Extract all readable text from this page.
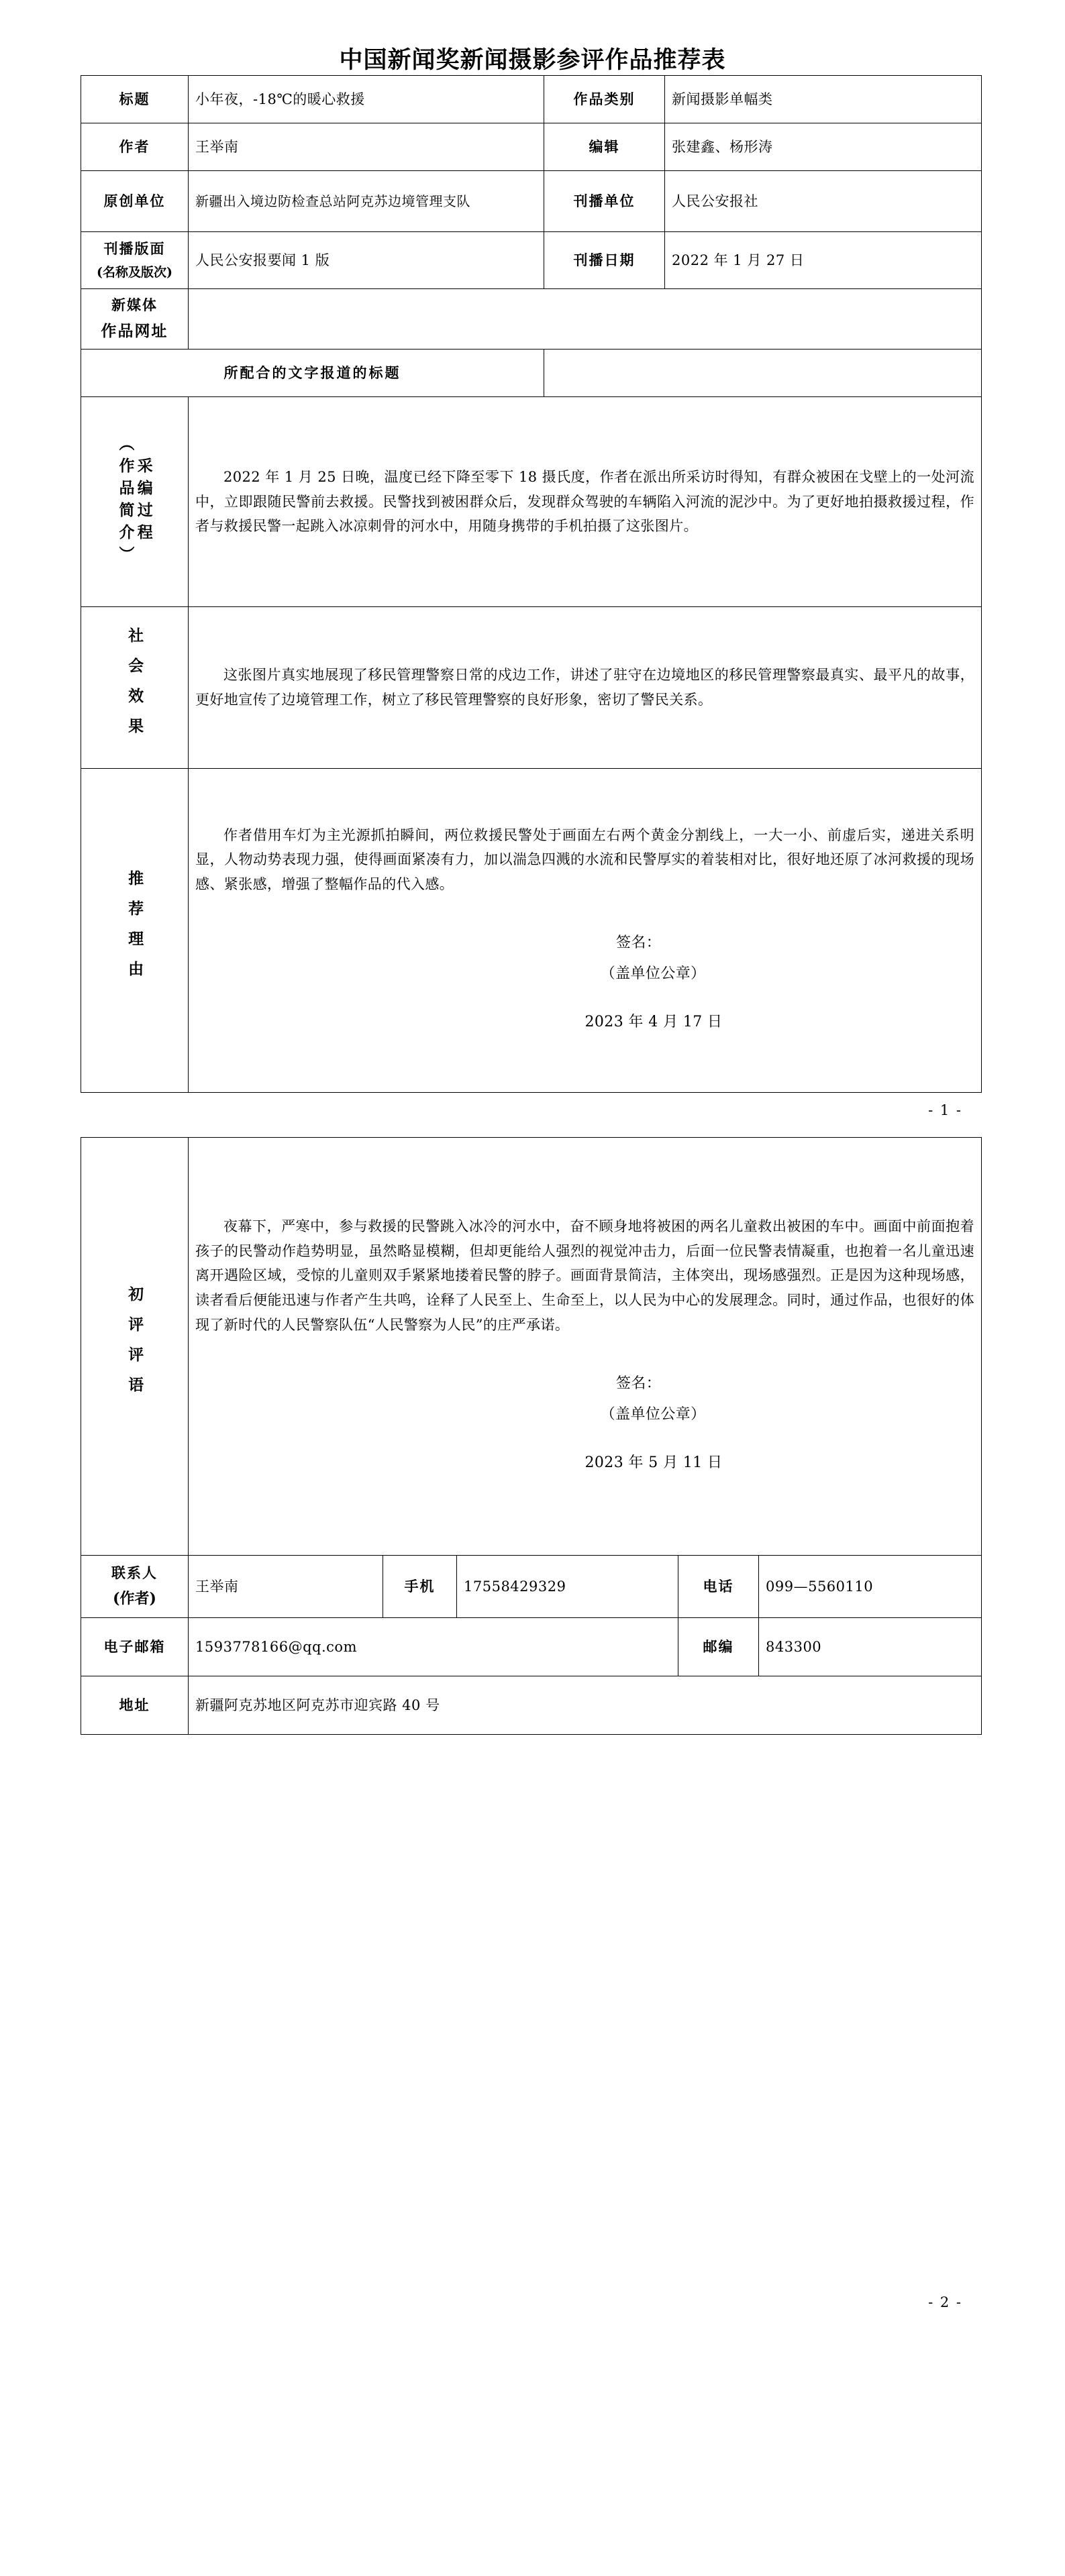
中国新闻奖新闻摄影参评作品推荐表
标题	小年夜，-18℃的暖心救援	作品类别	新闻摄影单幅类
作者	王举南	编辑	张建鑫、杨形涛
原创单位	新疆出入境边防检查总站阿克苏边境管理支队	刊播单位	人民公安报社
刊播版面
(名称及版次)	人民公安报要闻 1 版	刊播日期	2022 年 1 月 27 日
新媒体
作品网址			

所配合的文字报道的标题			

采编过程
（作品简介）	2022 年 1 月 25 日晚，温度已经下降至零下 18 摄氏度，作者在派出所采访时得知，有群众被困在戈壁上的一处河流中，立即跟随民警前去救援。民警找到被困群众后，发现群众驾驶的车辆陷入河流的泥沙中。为了更好地拍摄救援过程，作者与救援民警一起跳入冰凉刺骨的河水中，用随身携带的手机拍摄了这张图片。		

社会效果	这张图片真实地展现了移民管理警察日常的戍边工作，讲述了驻守在边境地区的移民管理警察最真实、最平凡的故事，更好地宣传了边境管理工作，树立了移民管理警察的良好形象，密切了警民关系。		

推荐理由	作者借用车灯为主光源抓拍瞬间，两位救援民警处于画面左右两个黄金分割线上，一大一小、前虚后实，递进关系明显，人物动势表现力强，使得画面紧凑有力，加以湍急四溅的水流和民警厚实的着装相对比，很好地还原了冰河救援的现场感、紧张感，增强了整幅作品的代入感。

签名：
（盖单位公章）
2023 年 4 月 17 日		
- 1 -
初评评语	夜幕下，严寒中，参与救援的民警跳入冰冷的河水中，奋不顾身地将被困的两名儿童救出被困的车中。画面中前面抱着孩子的民警动作趋势明显，虽然略显模糊，但却更能给人强烈的视觉冲击力，后面一位民警表情凝重，也抱着一名儿童迅速离开遇险区域，受惊的儿童则双手紧紧地搂着民警的脖子。画面背景简洁，主体突出，现场感强烈。正是因为这种现场感，读者看后便能迅速与作者产生共鸣，诠释了人民至上、生命至上，以人民为中心的发展理念。同时，通过作品，也很好的体现了新时代的人民警察队伍“人民警察为人民”的庄严承诺。

签名：
（盖单位公章）
2023 年 5 月 11 日				

联系人
(作者)	王举南	手机	17558429329	电话	099—5560110
电子邮箱	1593778166@qq.com			邮编	843300
地址	新疆阿克苏地区阿克苏市迎宾路 40 号				
- 2 -
